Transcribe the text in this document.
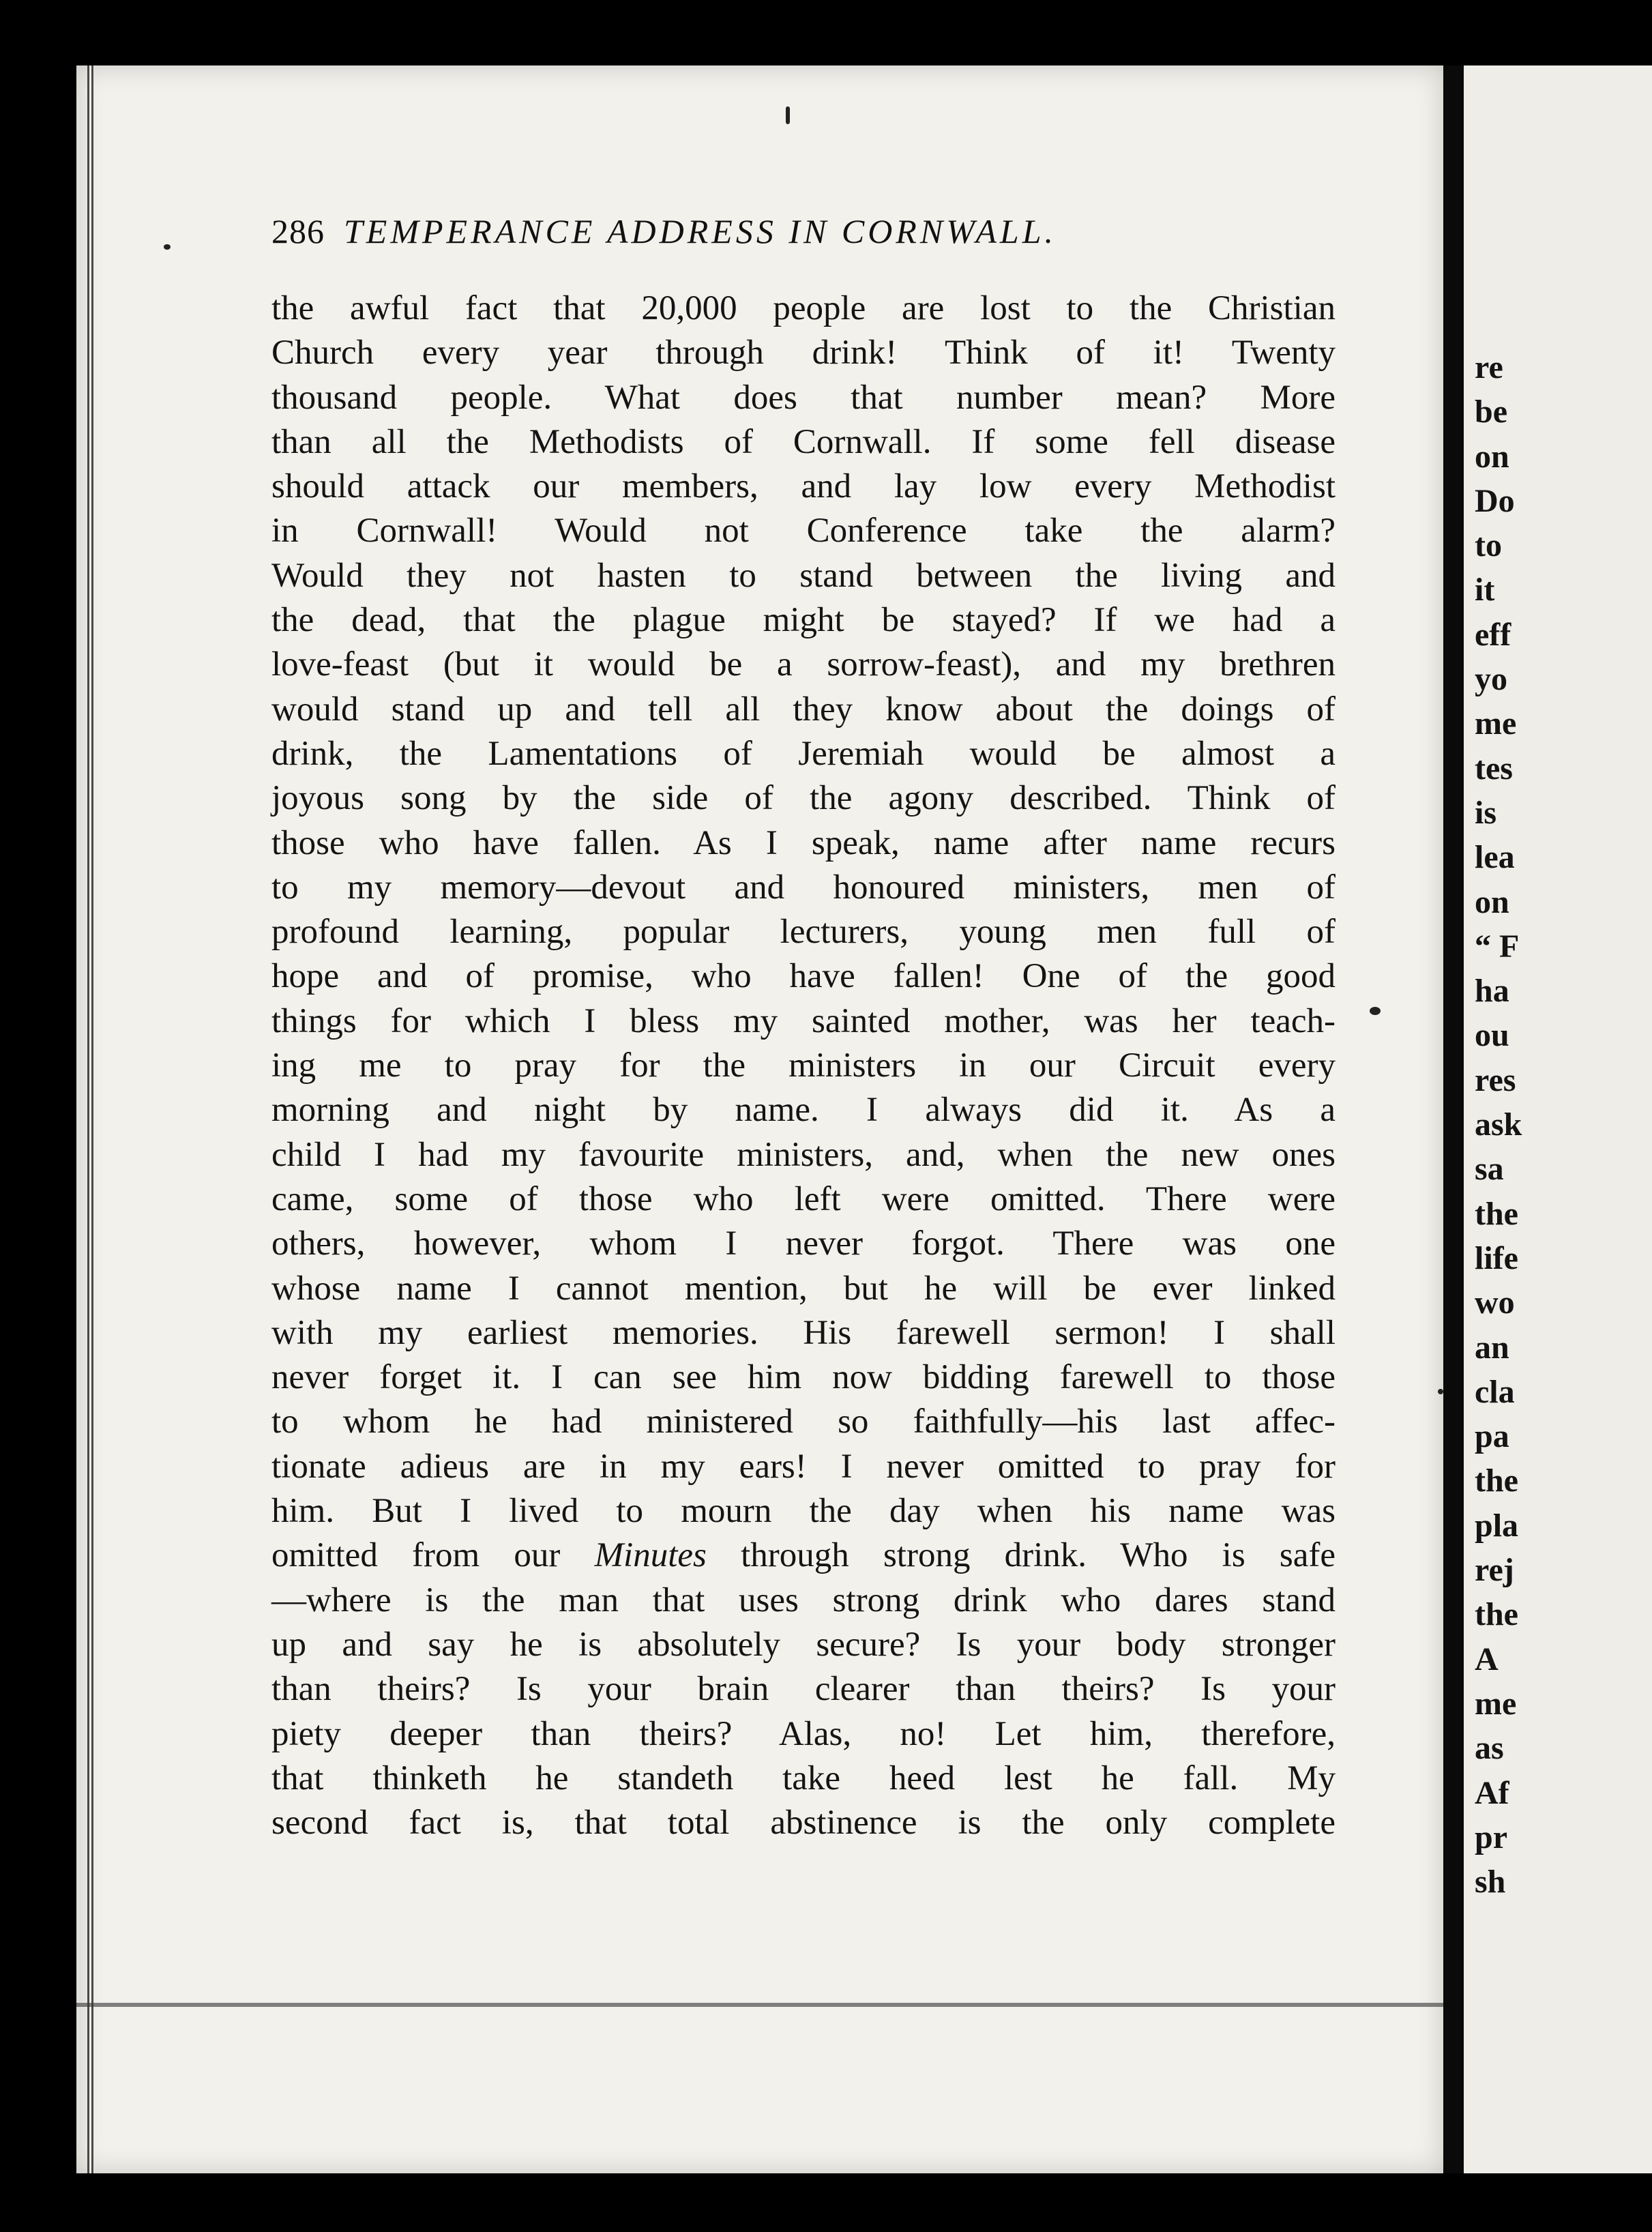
286 TEMPERANCE ADDRESS IN CORNWALL.
the awful fact that 20,000 people are lost to the Christian
Church every year through drink! Think of it! Twenty
thousand people. What does that number mean? More
than all the Methodists of Cornwall. If some fell disease
should attack our members, and lay low every Methodist
in Cornwall! Would not Conference take the alarm?
Would they not hasten to stand between the living and
the dead, that the plague might be stayed? If we had a
love-feast (but it would be a sorrow-feast), and my brethren
would stand up and tell all they know about the doings of
drink, the Lamentations of Jeremiah would be almost a
joyous song by the side of the agony described. Think of
those who have fallen. As I speak, name after name recurs
to my memory—devout and honoured ministers, men of
profound learning, popular lecturers, young men full of
hope and of promise, who have fallen! One of the good
things for which I bless my sainted mother, was her teach-
ing me to pray for the ministers in our Circuit every
morning and night by name. I always did it. As a
child I had my favourite ministers, and, when the new ones
came, some of those who left were omitted. There were
others, however, whom I never forgot. There was one
whose name I cannot mention, but he will be ever linked
with my earliest memories. His farewell sermon! I shall
never forget it. I can see him now bidding farewell to those
to whom he had ministered so faithfully—his last affec-
tionate adieus are in my ears! I never omitted to pray for
him. But I lived to mourn the day when his name was
omitted from our Minutes through strong drink. Who is safe
—where is the man that uses strong drink who dares stand
up and say he is absolutely secure? Is your body stronger
than theirs? Is your brain clearer than theirs? Is your
piety deeper than theirs? Alas, no! Let him, therefore,
that thinketh he standeth take heed lest he fall. My
second fact is, that total abstinence is the only complete
re
be
on
Do
to
it
eff
yo
me
tes
is
lea
on
“ F
ha
ou
res
ask
sa
the
life
wo
an
cla
pa
the
pla
rej
the
A
me
as
Af
pr
sh
